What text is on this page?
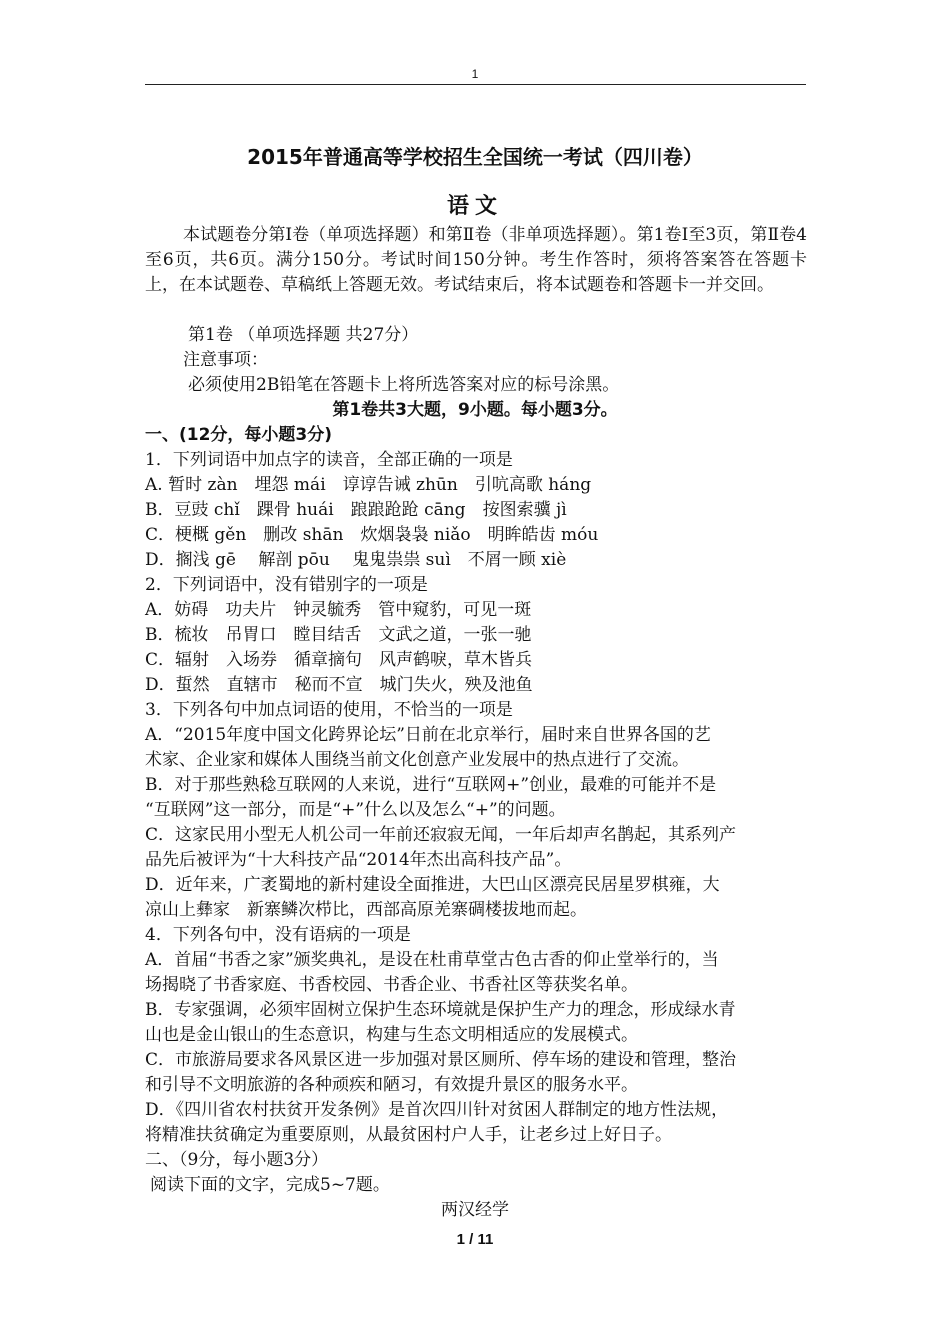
1
2015年普通高等学校招生全国统一考试（四川卷）
语文
本试题卷分第Ⅰ卷（单项选择题）和第Ⅱ卷（非单项选择题）。第1卷Ⅰ至3页，第Ⅱ卷4至6页，共6页。满分150分。考试时间150分钟。考生作答时，须将答案答在答题卡上，在本试题卷、草稿纸上答题无效。考试结束后，将本试题卷和答题卡一并交回。
第1卷 （单项选择题 共27分）
注意事项：
必须使用2B铅笔在答题卡上将所选答案对应的标号涂黑。
第1卷共3大题，9小题。每小题3分。
一、(12分，每小题3分)
1．下列词语中加点字的读音，全部正确的一项是
A. 暂时 zàn　埋怨 mái　谆谆告诫 zhūn　引吭高歌 háng
B．豆豉 chǐ　踝骨 huái　踉踉跄跄 cāng　按图索骥 jì
C．梗概 gěn　删改 shān　炊烟袅袅 niǎo　明眸皓齿 móu
D．搁浅 gē　 解剖 pōu　 鬼鬼祟祟 suì　不屑一顾 xiè
2．下列词语中，没有错别字的一项是
A．妨碍　功夫片　钟灵毓秀　管中窥豹，可见一斑
B．梳妆　吊胃口　瞠目结舌　文武之道，一张一驰
C．辐射　入场券　循章摘句　风声鹤唳，草木皆兵
D．蜇然　直辖市　秘而不宣　城门失火，殃及池鱼
3．下列各句中加点词语的使用，不恰当的一项是
A．“2015年度中国文化跨界论坛”日前在北京举行，届时来自世界各国的艺
术家、企业家和媒体人围绕当前文化创意产业发展中的热点进行了交流。
B．对于那些熟稔互联网的人来说，进行“互联网+”创业，最难的可能并不是
“互联网”这一部分，而是“+”什么以及怎么“+”的问题。
C．这家民用小型无人机公司一年前还寂寂无闻，一年后却声名鹊起，其系列产
品先后被评为“十大科技产品“2014年杰出高科技产品”。
D．近年来，广袤蜀地的新村建设全面推进，大巴山区漂亮民居星罗棋雍，大
凉山上彝家　新寨鳞次栉比，西部高原羌寨碉楼拔地而起。
4．下列各句中，没有语病的一项是
A．首届“书香之家”颁奖典礼，是设在杜甫草堂古色古香的仰止堂举行的，当
场揭晓了书香家庭、书香校园、书香企业、书香社区等获奖名单。
B．专家强调，必须牢固树立保护生态环境就是保护生产力的理念，形成绿水青
山也是金山银山的生态意识，构建与生态文明相适应的发展模式。
C．市旅游局要求各风景区进一步加强对景区厕所、停车场的建设和管理，整治
和引导不文明旅游的各种顽疾和陋习，有效提升景区的服务水平。
D．《四川省农村扶贫开发条例》是首次四川针对贫困人群制定的地方性法规，
将精准扶贫确定为重要原则，从最贫困村户人手，让老乡过上好日子。
二、（9分，每小题3分）
阅读下面的文字，完成5~7题。
两汉经学
1 / 11
